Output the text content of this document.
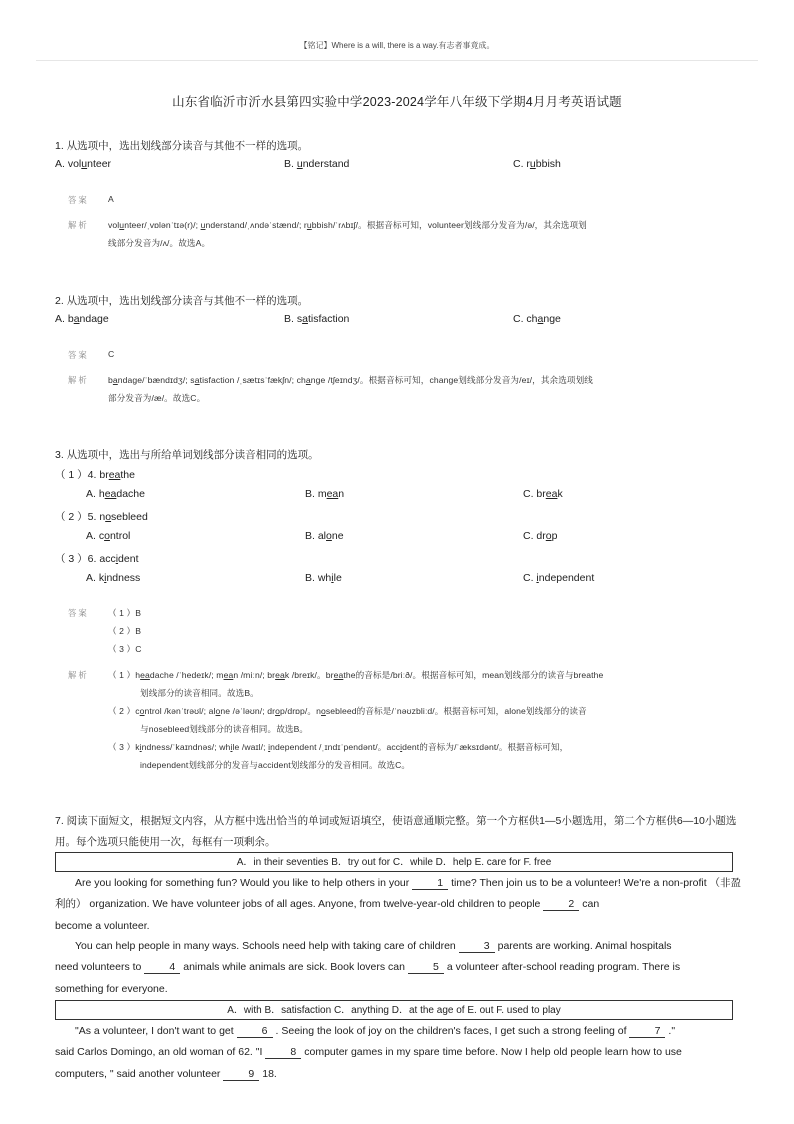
【铭记】Where is a will, there is a way.有志者事竟成。
山东省临沂市沂水县第四实验中学2023-2024学年八年级下学期4月月考英语试题
1. 从选项中，选出划线部分读音与其他不一样的选项。
A. volunteer	B. understand	C. rubbish
答案 A
解析 volunteer/ˌvɒlənˈtɪə(r)/; understand/ˌʌndəˈstænd/; rubbish/ˈrʌbɪʃ/。根据音标可知，volunteer划线部分发音为/ə/，其余选项划
线部分发音为/ʌ/。故选A。
2. 从选项中，选出划线部分读音与其他不一样的选项。
A. bandage	B. satisfaction	C. change
答案 C
解析 bandage/ˈbændɪdʒ/; satisfaction /ˌsætɪsˈfækʃn/; change /tʃeɪndʒ/。根据音标可知，change划线部分发音为/eɪ/，其余选项划线
部分发音为/æ/。故选C。
3. 从选项中，选出与所给单词划线部分读音相同的选项。
（ 1 ）4. breathe
A. headache	B. mean	C. break
（ 2 ）5. nosebleed
A. control	B. alone	C. drop
（ 3 ）6. accident
A. kindness	B. while	C. independent
答案 （ 1 ）B
（ 2 ）B
（ 3 ）C
解析 （ 1 ）headache /ˈhedeɪk/; mean /miːn/; break /breɪk/。breathe的音标是/briːð/。根据音标可知，mean划线部分的读音与breathe
划线部分的读音相同。故选B。
（ 2 ）control /kənˈtrəʊl/; alone /əˈləʊn/; drop/drɒp/。nosebleed的音标是/ˈnəʊzbliːd/。根据音标可知，alone划线部分的读音
与nosebleed划线部分的读音相同。故选B。
（ 3 ）kindness/ˈkaɪndnəs/; while /waɪl/; independent /ˌɪndɪˈpendənt/。accident的音标为/ˈæksɪdənt/。根据音标可知，
independent划线部分的发音与accident划线部分的发音相同。故选C。
7. 阅读下面短文，根据短文内容，从方框中选出恰当的单词或短语填空，使语意通顺完整。第一个方框供1—5小题选用，第二个方框供6—10小题选
用。每个选项只能使用一次，每框有一项剩余。
A．in their seventies B．try out for C．while D．help E. care for F. free
Are you looking for something fun? Would you like to help others in your 1 time? Then join us to be a volunteer! We're a non-profit （非盈利的） organization. We have volunteer jobs of all ages. Anyone, from twelve-year-old children to people 2 can
become a volunteer.
You can help people in many ways. Schools need help with taking care of children 3 parents are working. Animal hospitals
need volunteers to 4 animals while animals are sick. Book lovers can 5 a volunteer after-school reading program. There is
something for everyone.
A．with B．satisfaction C．anything D．at the age of E. out F. used to play
"As a volunteer, I don't want to get 6 . Seeing the look of joy on the children's faces, I get such a strong feeling of 7 ."
said Carlos Domingo, an old woman of 62. "I 8 computer games in my spare time before. Now I help old people learn how to use
computers, " said another volunteer 9 18.
